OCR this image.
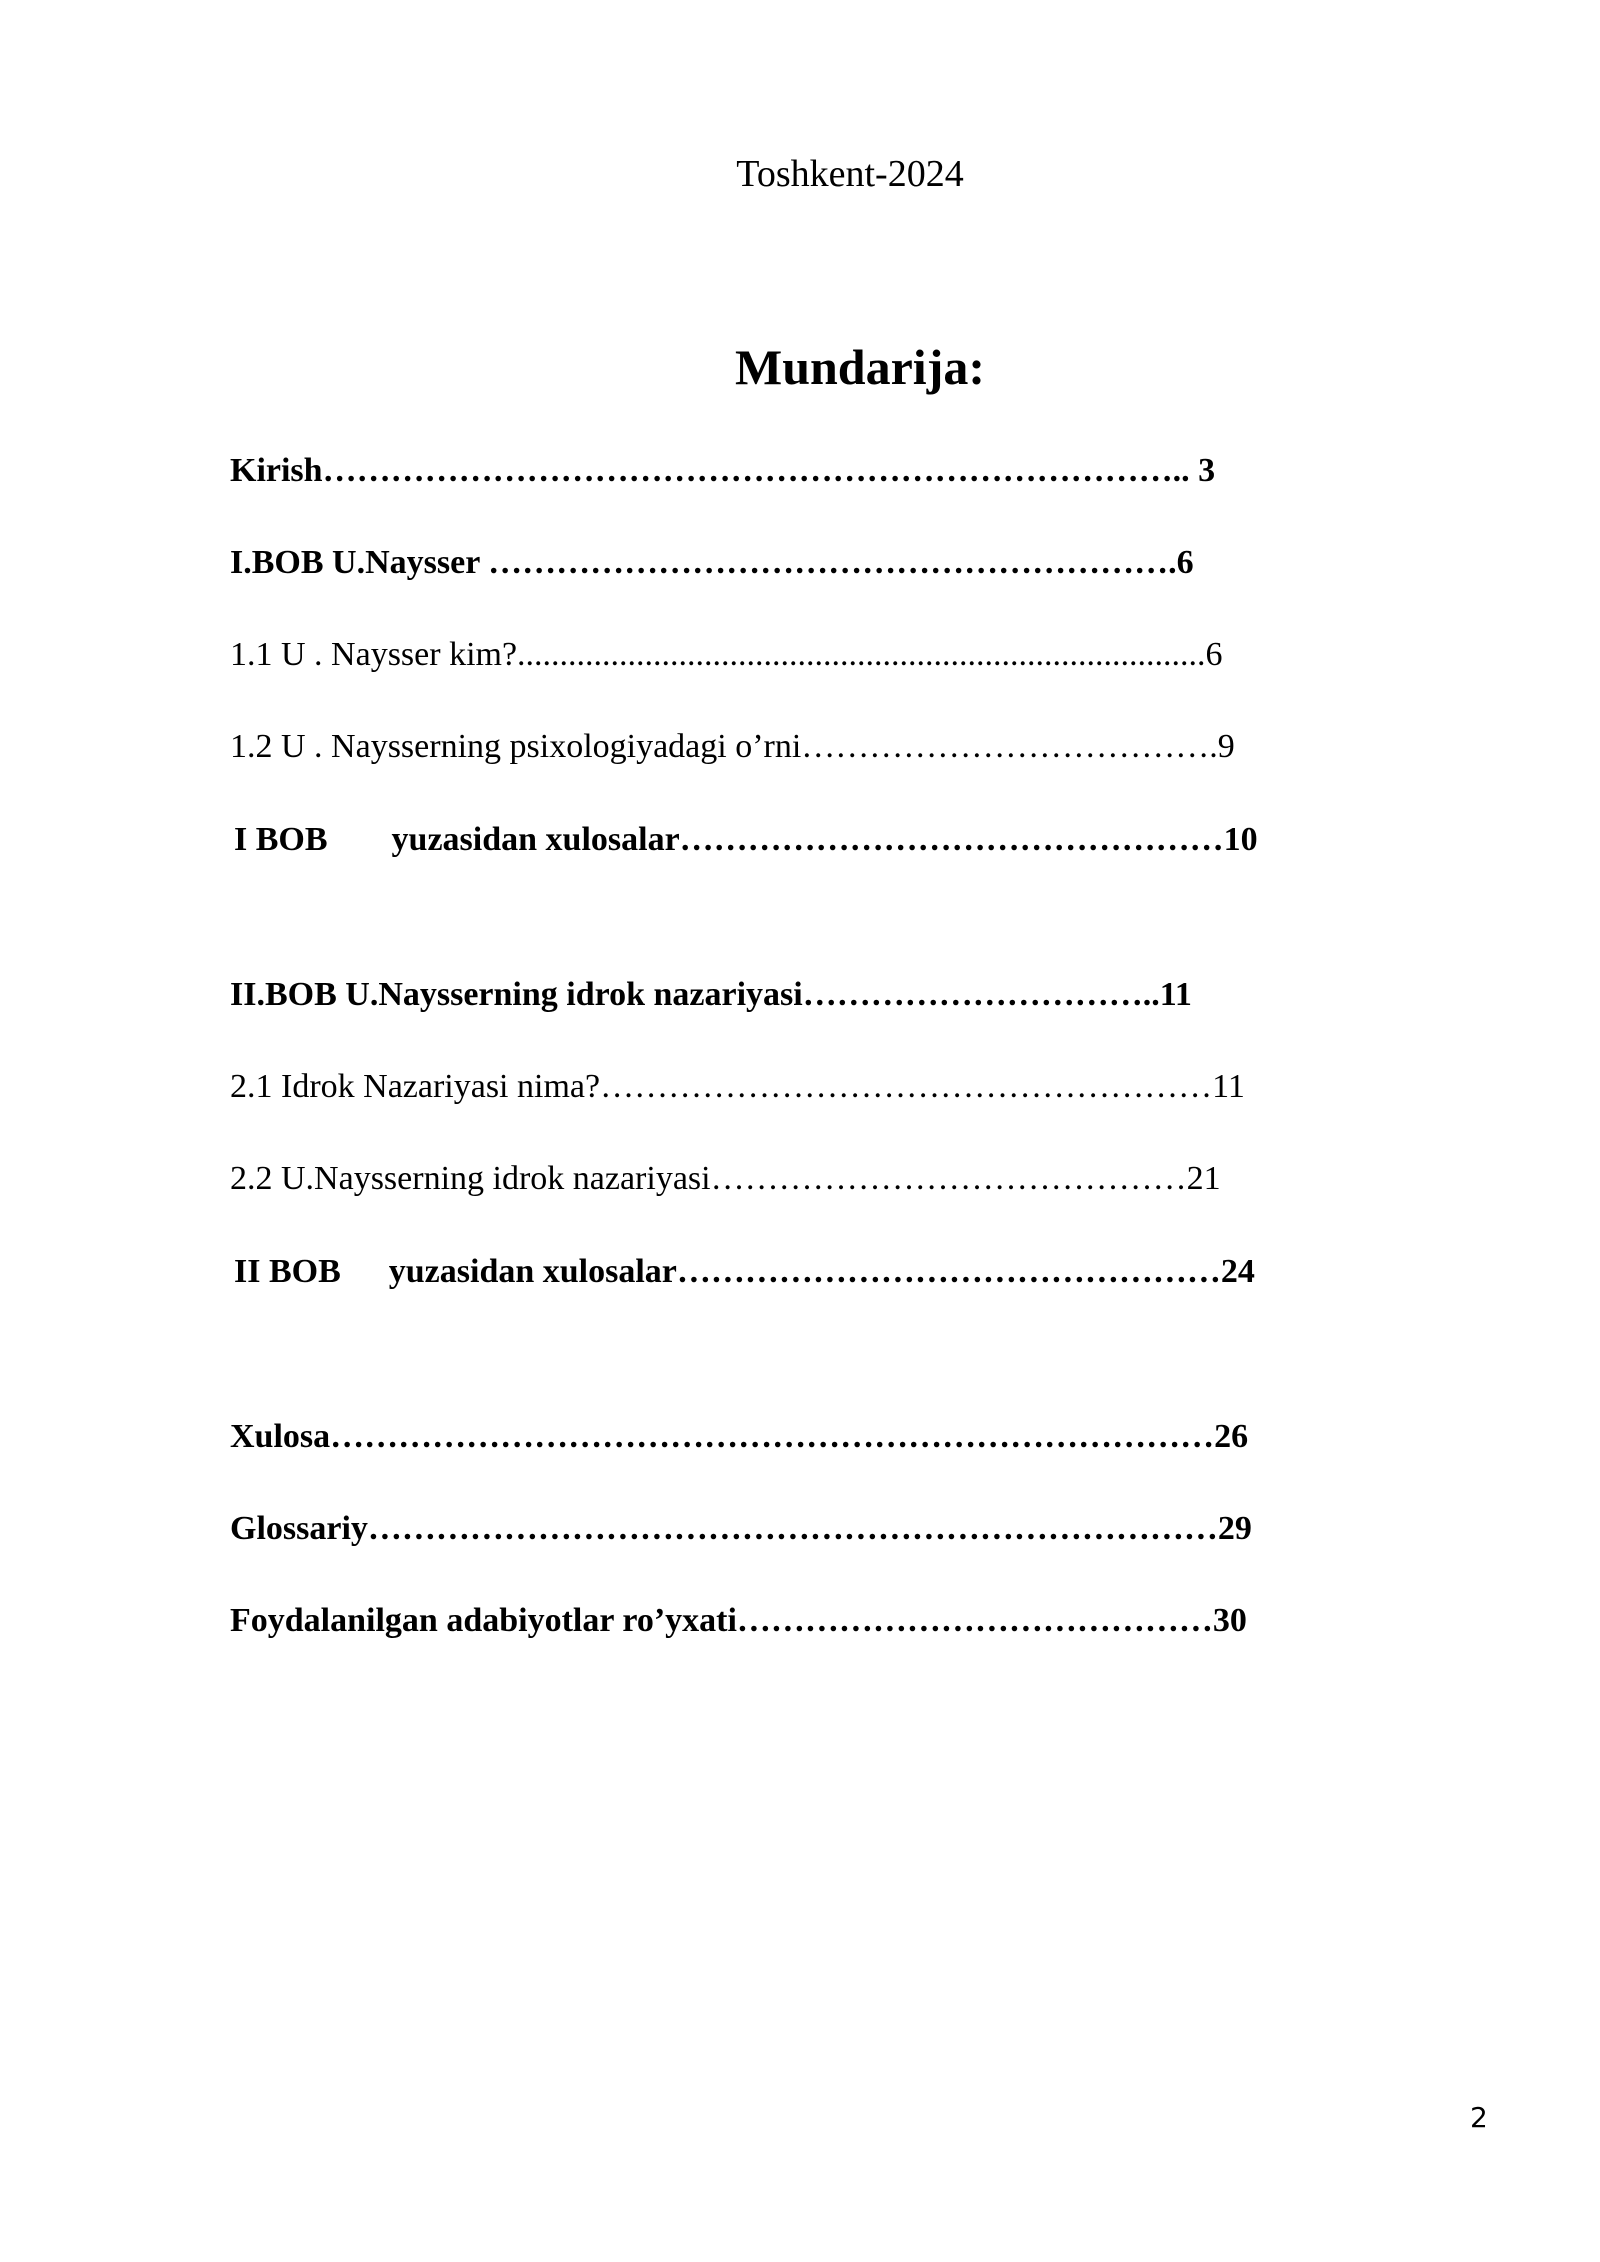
Toshkent-2024
Mundarija:
Kirish………………………………………………………………….. 3
I.BOB U.Naysser …………………………………………………….6
1.1 U . Naysser kim?.................................................................................6
1.2 U . Naysserning psixologiyadagi o’rni……………………………….9
I BOB yuzasidan xulosalar…………………………………………10
II.BOB U.Naysserning idrok nazariyasi…………………………..11
2.1 Idrok Nazariyasi nima?………………………………………………11
2.2 U.Naysserning idrok nazariyasi……………………………………21
II BOB yuzasidan xulosalar…………………………………………24
Xulosa……………………………………………………………………26
Glossariy…………………………………………………………………29
Foydalanilgan adabiyotlar ro’yxati……………………………………30
2
